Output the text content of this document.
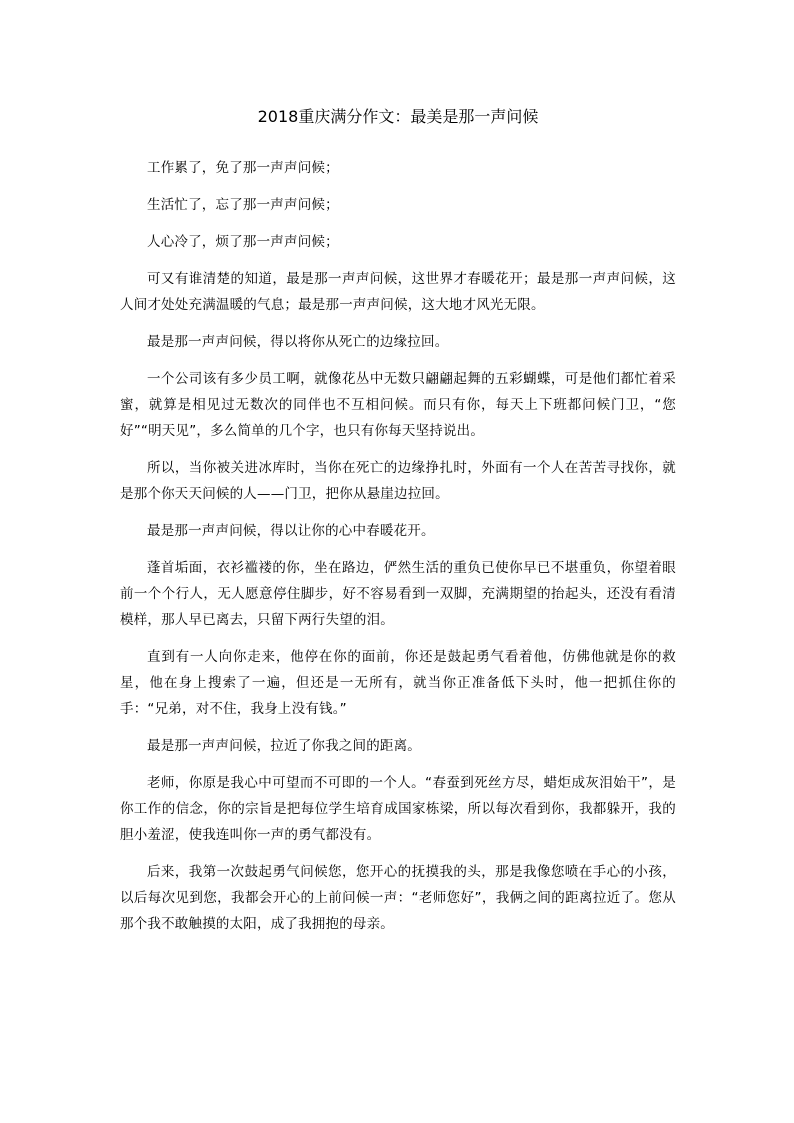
2018重庆满分作文：最美是那一声问候

工作累了，免了那一声声问候；

生活忙了，忘了那一声声问候；

人心冷了，烦了那一声声问候；

可又有谁清楚的知道，最是那一声声问候，这世界才春暖花开；最是那一声声问候，这人间才处处充满温暖的气息；最是那一声声问候，这大地才风光无限。

最是那一声声问候，得以将你从死亡的边缘拉回。

一个公司该有多少员工啊，就像花丛中无数只翩翩起舞的五彩蝴蝶，可是他们都忙着采蜜，就算是相见过无数次的同伴也不互相问候。而只有你，每天上下班都问候门卫，“您好”“明天见”，多么简单的几个字，也只有你每天坚持说出。

所以，当你被关进冰库时，当你在死亡的边缘挣扎时，外面有一个人在苦苦寻找你，就是那个你天天问候的人——门卫，把你从悬崖边拉回。

最是那一声声问候，得以让你的心中春暖花开。

蓬首垢面，衣衫褴褛的你，坐在路边，俨然生活的重负已使你早已不堪重负，你望着眼前一个个行人，无人愿意停住脚步，好不容易看到一双脚，充满期望的抬起头，还没有看清模样，那人早已离去，只留下两行失望的泪。

直到有一人向你走来，他停在你的面前，你还是鼓起勇气看着他，仿佛他就是你的救星，他在身上搜索了一遍，但还是一无所有，就当你正准备低下头时，他一把抓住你的手：“兄弟，对不住，我身上没有钱。”

最是那一声声问候，拉近了你我之间的距离。

老师，你原是我心中可望而不可即的一个人。“春蚕到死丝方尽，蜡炬成灰泪始干”，是你工作的信念，你的宗旨是把每位学生培育成国家栋梁，所以每次看到你，我都躲开，我的胆小羞涩，使我连叫你一声的勇气都没有。

后来，我第一次鼓起勇气问候您，您开心的抚摸我的头，那是我像您喷在手心的小孩，以后每次见到您，我都会开心的上前问候一声：“老师您好”，我俩之间的距离拉近了。您从那个我不敢触摸的太阳，成了我拥抱的母亲。
